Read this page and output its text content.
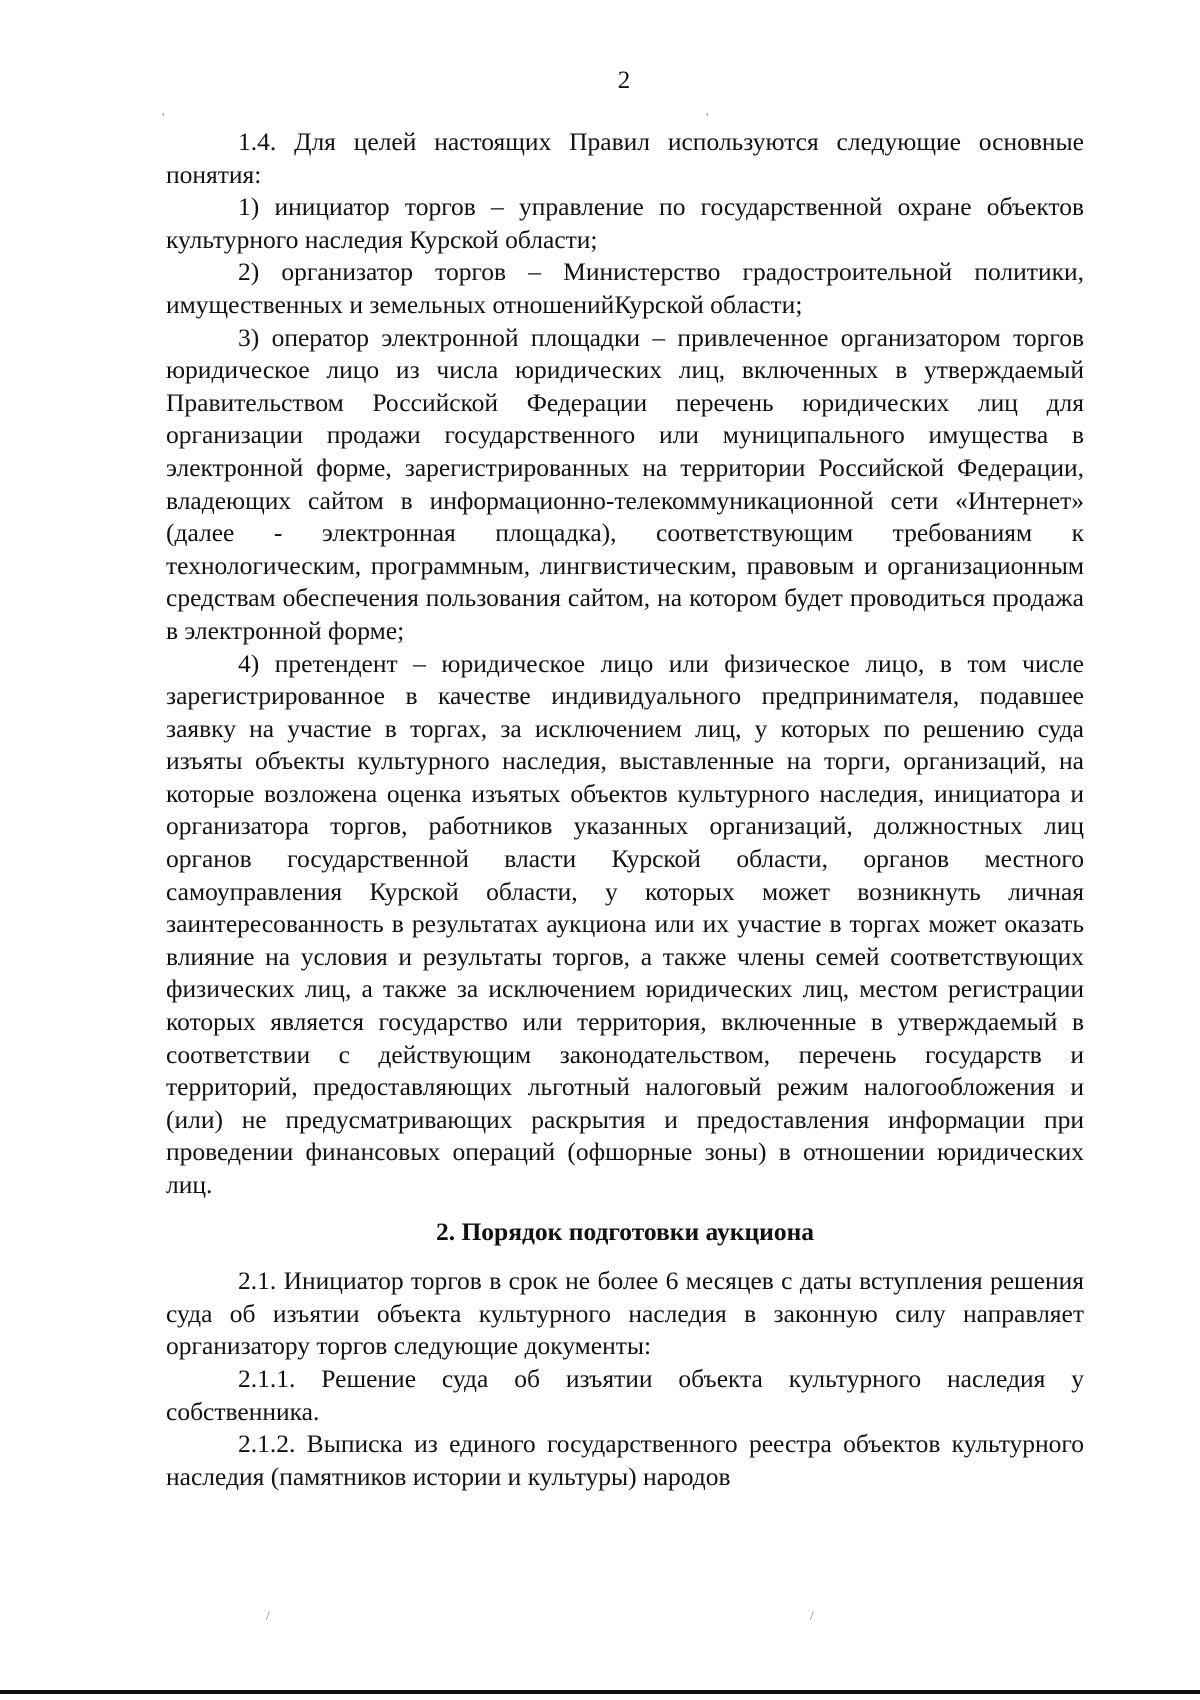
2

1.4. Для целей настоящих Правил используются следующие основные понятия:

1) инициатор торгов – управление по государственной охране объектов культурного наследия Курской области;

2) организатор торгов – Министерство градостроительной политики, имущественных и земельных отношенийКурской области;

3) оператор электронной площадки – привлеченное организатором торгов юридическое лицо из числа юридических лиц, включенных в утверждаемый Правительством Российской Федерации перечень юридических лиц для организации продажи государственного или муниципального имущества в электронной форме, зарегистрированных на территории Российской Федерации, владеющих сайтом в информационно-телекоммуникационной сети «Интернет» (далее - электронная площадка), соответствующим требованиям к технологическим, программным, лингвистическим, правовым и организационным средствам обеспечения пользования сайтом, на котором будет проводиться продажа в электронной форме;

4) претендент – юридическое лицо или физическое лицо, в том числе зарегистрированное в качестве индивидуального предпринимателя, подавшее заявку на участие в торгах, за исключением лиц, у которых по решению суда изъяты объекты культурного наследия, выставленные на торги, организаций, на которые возложена оценка изъятых объектов культурного наследия, инициатора и организатора торгов, работников указанных организаций, должностных лиц органов государственной власти Курской области, органов местного самоуправления Курской области, у которых может возникнуть личная заинтересованность в результатах аукциона или их участие в торгах может оказать влияние на условия и результаты торгов, а также члены семей соответствующих физических лиц, а также за исключением юридических лиц, местом регистрации которых является государство или территория, включенные в утверждаемый в соответствии с действующим законодательством, перечень государств и территорий, предоставляющих льготный налоговый режим налогообложения и (или) не предусматривающих раскрытия и предоставления информации при проведении финансовых операций (офшорные зоны) в отношении юридических лиц.

2. Порядок подготовки аукциона

2.1. Инициатор торгов в срок не более 6 месяцев с даты вступления решения суда об изъятии объекта культурного наследия в законную силу направляет организатору торгов следующие документы:

2.1.1. Решение суда об изъятии объекта культурного наследия у собственника.

2.1.2. Выписка из единого государственного реестра объектов культурного наследия (памятников истории и культуры) народов

'	'
/	/
